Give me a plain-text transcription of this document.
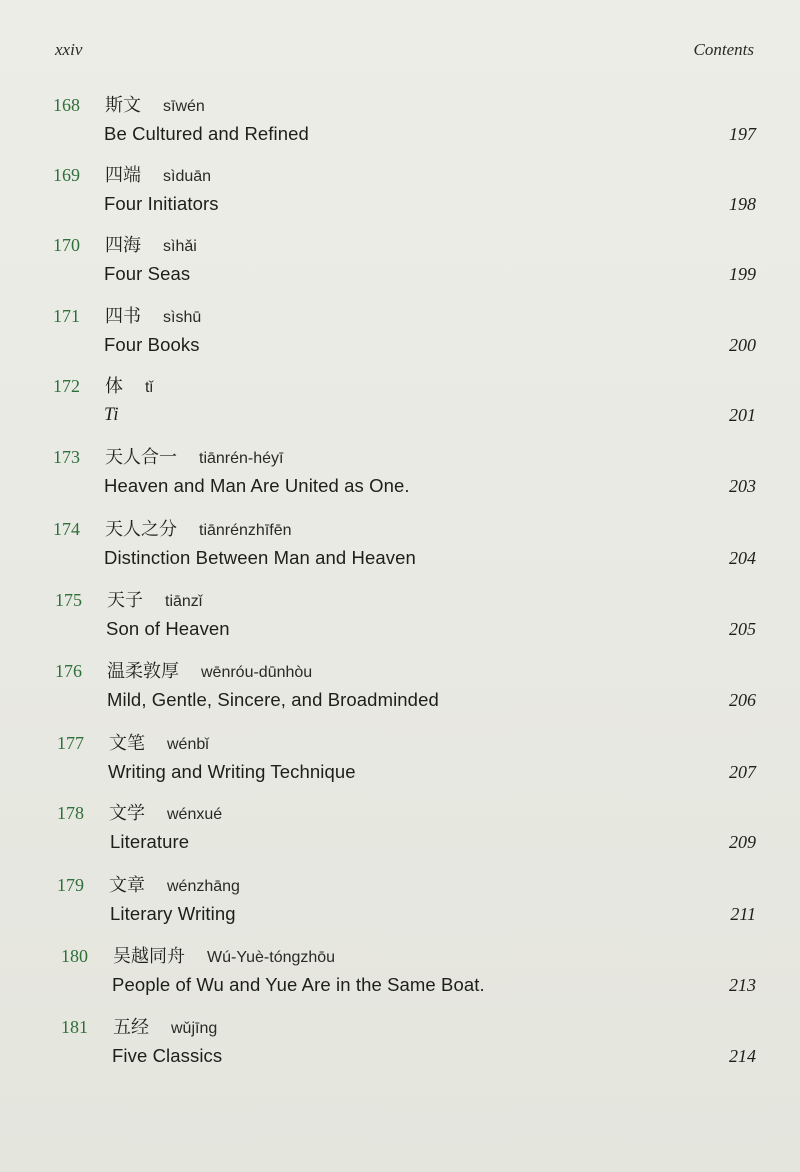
xxiv	Contents
168	斯文 sīwén
Be Cultured and Refined	197
169	四端 sìduān
Four Initiators	198
170	四海 sìhǎi
Four Seas	199
171	四书 sìshū
Four Books	200
172	体 tǐ
Ti	201
173	天人合一 tiānrén-héyī
Heaven and Man Are United as One.	203
174	天人之分 tiānrénzhīfēn
Distinction Between Man and Heaven	204
175	天子 tiānzǐ
Son of Heaven	205
176	温柔敦厚 wēnróu-dūnhòu
Mild, Gentle, Sincere, and Broadminded	206
177	文笔 wénbǐ
Writing and Writing Technique	207
178	文学 wénxué
Literature	209
179	文章 wénzhāng
Literary Writing	211
180	吴越同舟 Wú-Yuè-tóngzhōu
People of Wu and Yue Are in the Same Boat.	213
181	五经 wǔjīng
Five Classics	214
